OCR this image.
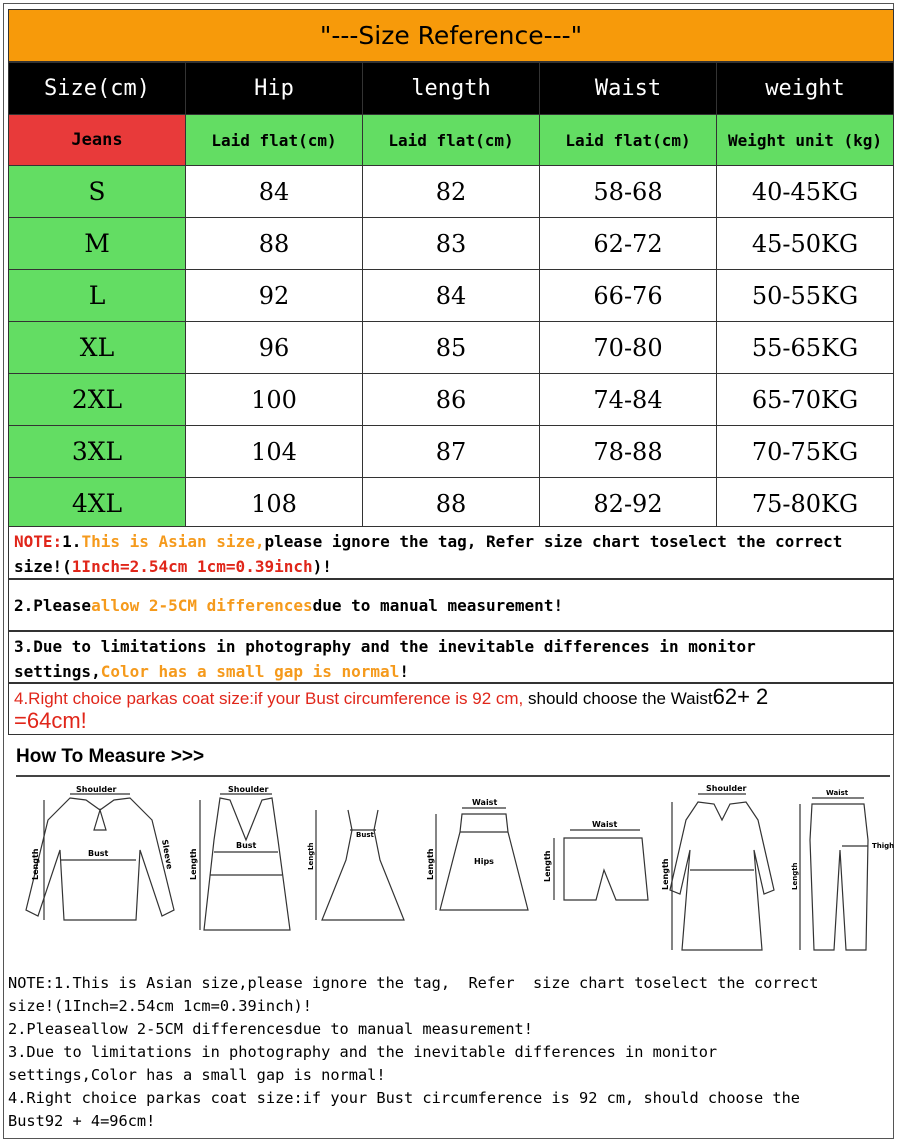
"---Size Reference---"
Size(cm)	Hip	length	Waist	weight
Jeans	Laid flat(cm)	Laid flat(cm)	Laid flat(cm)	Weight unit (kg)
S	84	82	58-68	40-45KG
M	88	83	62-72	45-50KG
L	92	84	66-76	50-55KG
XL	96	85	70-80	55-65KG
2XL	100	86	74-84	65-70KG
3XL	104	87	78-88	70-75KG
4XL	108	88	82-92	75-80KG
NOTE:1.This is Asian size,please ignore the tag, Refer size chart toselect the correct size!(1Inch=2.54cm 1cm=0.39inch)!
2.Pleaseallow 2-5CM differencesdue to manual measurement!
3.Due to limitations in photography and the inevitable differences in monitor settings,Color has a small gap is normal!
4.Right choice parkas coat size:if your Bust circumference is 92 cm, should choose the Waist62+ 2
=64cm!
How To Measure >>>
Shoulder
Bust
Length	Sleeve
Shoulder
Bust
Length
Bust
Length
Waist
Hips
Length
Waist
Length
Shoulder
Length
Waist
Thigh
Length
NOTE:1.This is Asian size,please ignore the tag,  Refer  size chart toselect the correct
size!(1Inch=2.54cm 1cm=0.39inch)!
2.Pleaseallow 2-5CM differencesdue to manual measurement!
3.Due to limitations in photography and the inevitable differences in monitor
settings,Color has a small gap is normal!
4.Right choice parkas coat size:if your Bust circumference is 92 cm, should choose the
Bust92 + 4=96cm!
